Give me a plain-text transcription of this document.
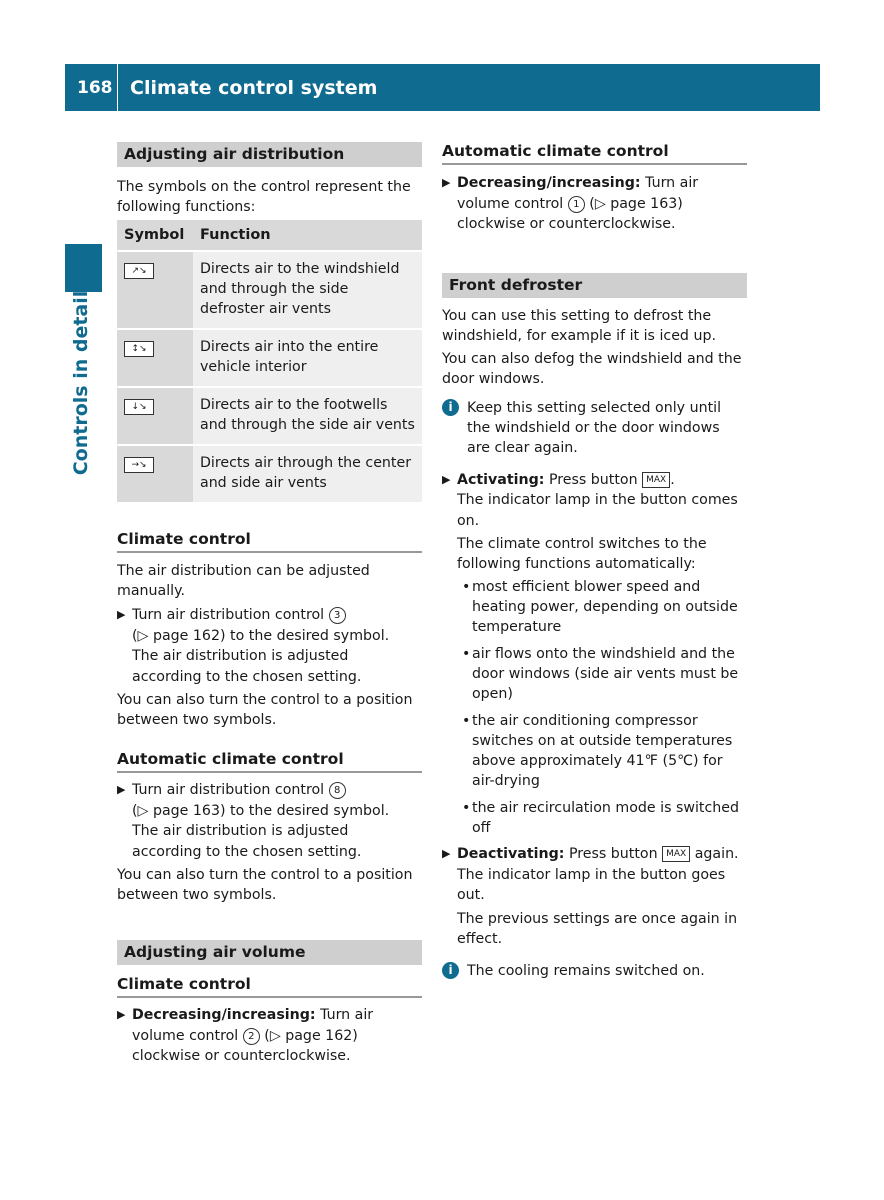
168 Climate control system
Controls in detail
Adjusting air distribution

The symbols on the control represent the following functions:

Symbol	Function
↗↘	Directs air to the windshield and through the side defroster air vents
↕↘	Directs air into the entire vehicle interior
↓↘	Directs air to the footwells and through the side air vents
→↘	Directs air through the center and side air vents
Climate control

The air distribution can be adjusted manually.

▶ Turn air distribution control 3
(▷ page 162) to the desired symbol.
The air distribution is adjusted according to the chosen setting.

You can also turn the control to a position between two symbols.

Automatic climate control
▶ Turn air distribution control 8
(▷ page 163) to the desired symbol.
The air distribution is adjusted according to the chosen setting.

You can also turn the control to a position between two symbols.

Adjusting air volume
Climate control
▶ Decreasing/increasing: Turn air volume control 2 (▷ page 162) clockwise or counterclockwise.
Automatic climate control
▶ Decreasing/increasing: Turn air volume control 1 (▷ page 163) clockwise or counterclockwise.
Front defroster

You can use this setting to defrost the windshield, for example if it is iced up.

You can also defog the windshield and the door windows.

i	Keep this setting selected only until the windshield or the door windows are clear again.
▶ Activating: Press button MAX .
The indicator lamp in the button comes on.

The climate control switches to the following functions automatically:

• most efficient blower speed and heating power, depending on outside temperature
• air flows onto the windshield and the door windows (side air vents must be open)
• the air conditioning compressor switches on at outside temperatures above approximately 41℉ (5℃) for air-drying
• the air recirculation mode is switched off
▶ Deactivating: Press button MAX again.
The indicator lamp in the button goes out.

The previous settings are once again in effect.

i	The cooling remains switched on.
